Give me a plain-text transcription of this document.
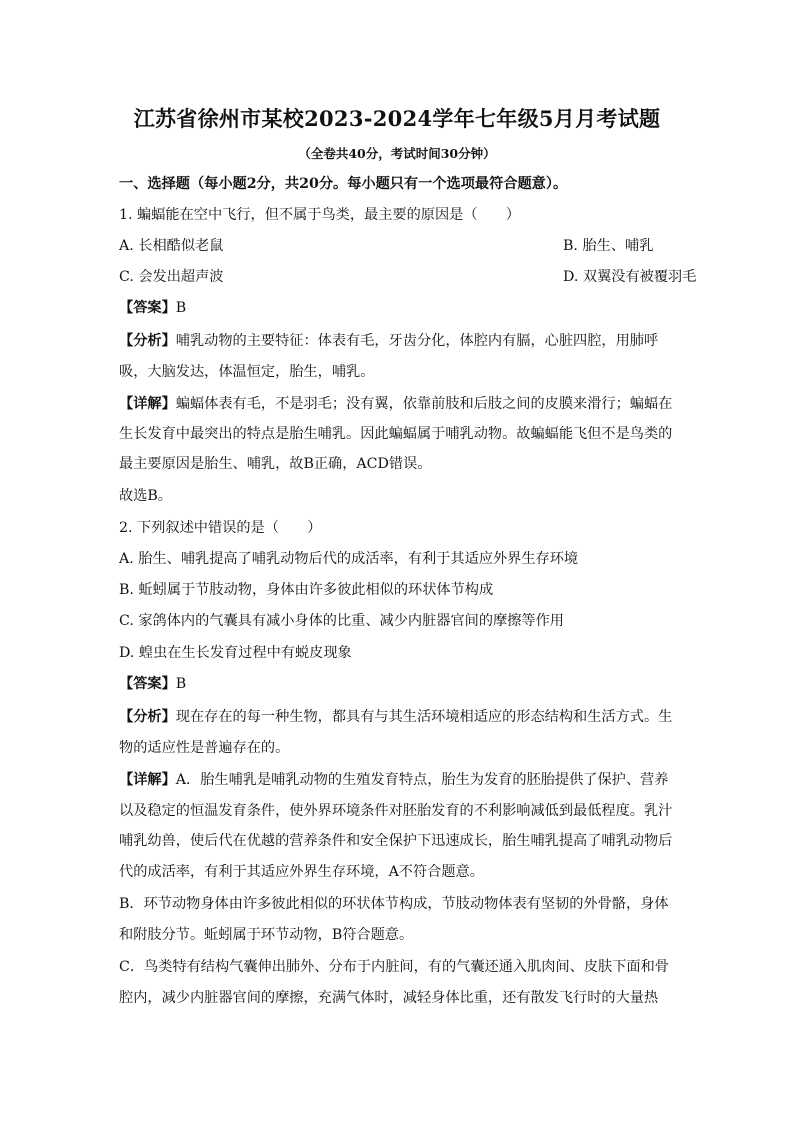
江苏省徐州市某校2023-2024学年七年级5月月考试题
（全卷共40分，考试时间30分钟）
一、选择题（每小题2分，共20分。每小题只有一个选项最符合题意）。
1. 蝙蝠能在空中飞行，但不属于鸟类，最主要的原因是（　　）
A. 长相酷似老鼠	B. 胎生、哺乳
C. 会发出超声波	D. 双翼没有被覆羽毛
【答案】B
【分析】哺乳动物的主要特征：体表有毛，牙齿分化，体腔内有膈，心脏四腔，用肺呼
吸，大脑发达，体温恒定，胎生，哺乳。
【详解】蝙蝠体表有毛，不是羽毛；没有翼，依靠前肢和后肢之间的皮膜来滑行；蝙蝠在
生长发育中最突出的特点是胎生哺乳。因此蝙蝠属于哺乳动物。故蝙蝠能飞但不是鸟类的
最主要原因是胎生、哺乳，故B正确，ACD错误。
故选B。
2. 下列叙述中错误的是（　　）
A. 胎生、哺乳提高了哺乳动物后代的成活率，有利于其适应外界生存环境
B. 蚯蚓属于节肢动物，身体由许多彼此相似的环状体节构成
C. 家鸽体内的气囊具有减小身体的比重、减少内脏器官间的摩擦等作用
D. 蝗虫在生长发育过程中有蜕皮现象
【答案】B
【分析】现在存在的每一种生物，都具有与其生活环境相适应的形态结构和生活方式。生
物的适应性是普遍存在的。
【详解】A．胎生哺乳是哺乳动物的生殖发育特点，胎生为发育的胚胎提供了保护、营养
以及稳定的恒温发育条件，使外界环境条件对胚胎发育的不利影响减低到最低程度。乳汁
哺乳幼兽，使后代在优越的营养条件和安全保护下迅速成长，胎生哺乳提高了哺乳动物后
代的成活率，有利于其适应外界生存环境，A不符合题意。
B．环节动物身体由许多彼此相似的环状体节构成，节肢动物体表有坚韧的外骨骼，身体
和附肢分节。蚯蚓属于环节动物，B符合题意。
C．鸟类特有结构气囊伸出肺外、分布于内脏间，有的气囊还通入肌肉间、皮肤下面和骨
腔内，减少内脏器官间的摩擦，充满气体时，减轻身体比重，还有散发飞行时的大量热
